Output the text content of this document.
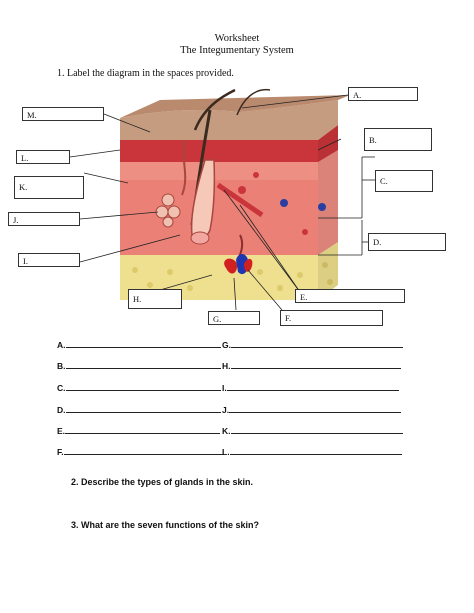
Worksheet
The Integumentary System
1. Label the diagram in the spaces provided.
A.
M.
B.
L.
C.
K.
J.
D.
I.
H.	E.
G.	F.
A.
B.
C.
D.
E.
F.
G.
H.
I.
J.
K.
L.
2. Describe the types of glands in the skin.
3. What are the seven functions of the skin?
